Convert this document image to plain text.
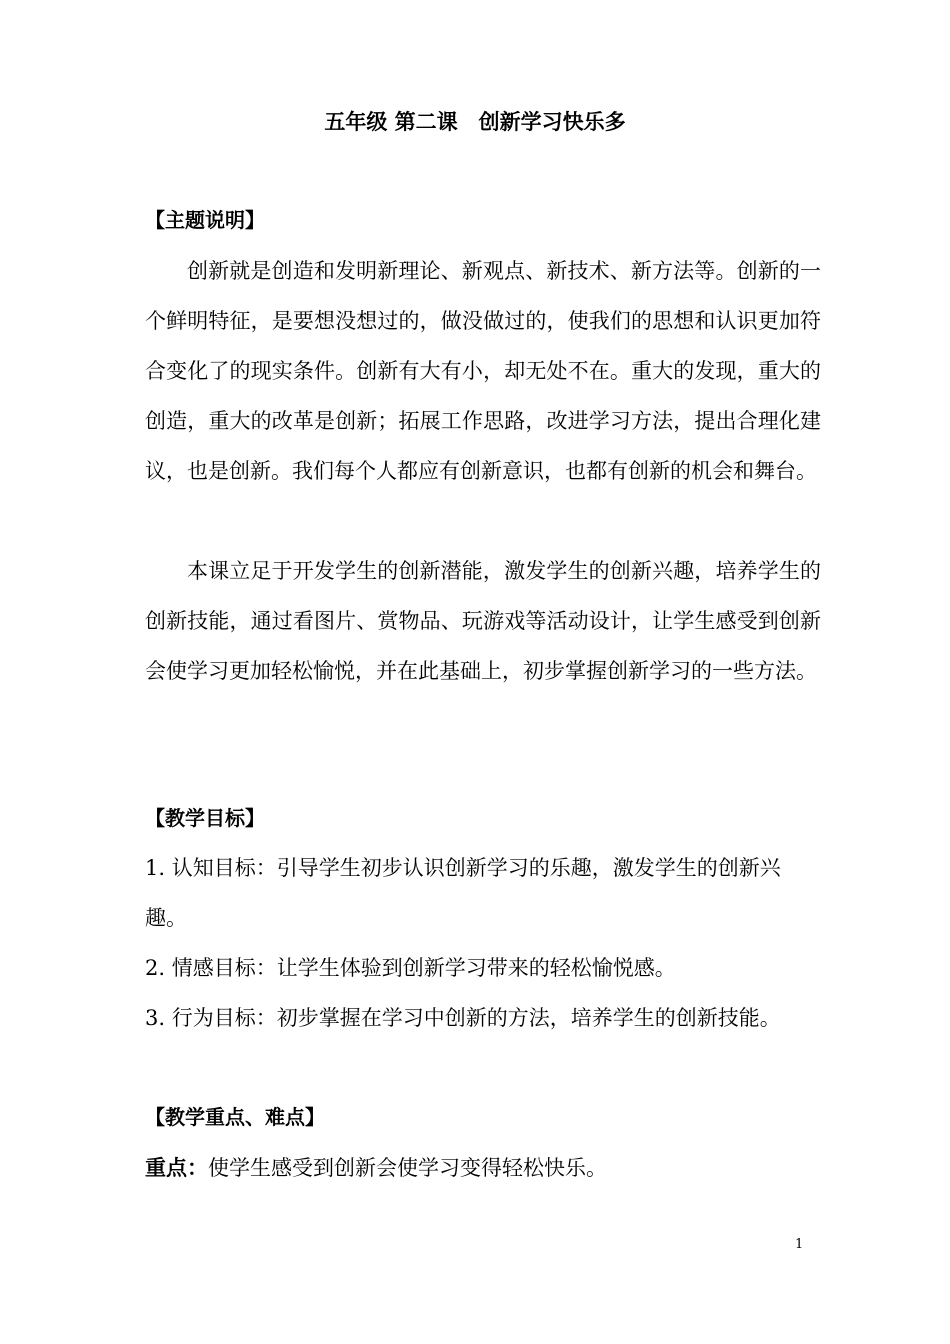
五年级 第二课　创新学习快乐多
【主题说明】

创新就是创造和发明新理论、新观点、新技术、新方法等。创新的一个鲜明特征，是要想没想过的，做没做过的，使我们的思想和认识更加符合变化了的现实条件。创新有大有小，却无处不在。重大的发现，重大的创造，重大的改革是创新；拓展工作思路，改进学习方法，提出合理化建议，也是创新。我们每个人都应有创新意识，也都有创新的机会和舞台。

本课立足于开发学生的创新潜能，激发学生的创新兴趣，培养学生的创新技能，通过看图片、赏物品、玩游戏等活动设计，让学生感受到创新会使学习更加轻松愉悦，并在此基础上，初步掌握创新学习的一些方法。

【教学目标】

1. 认知目标：引导学生初步认识创新学习的乐趣，激发学生的创新兴趣。

2. 情感目标：让学生体验到创新学习带来的轻松愉悦感。

3. 行为目标：初步掌握在学习中创新的方法，培养学生的创新技能。

【教学重点、难点】

重点：使学生感受到创新会使学习变得轻松快乐。

1
